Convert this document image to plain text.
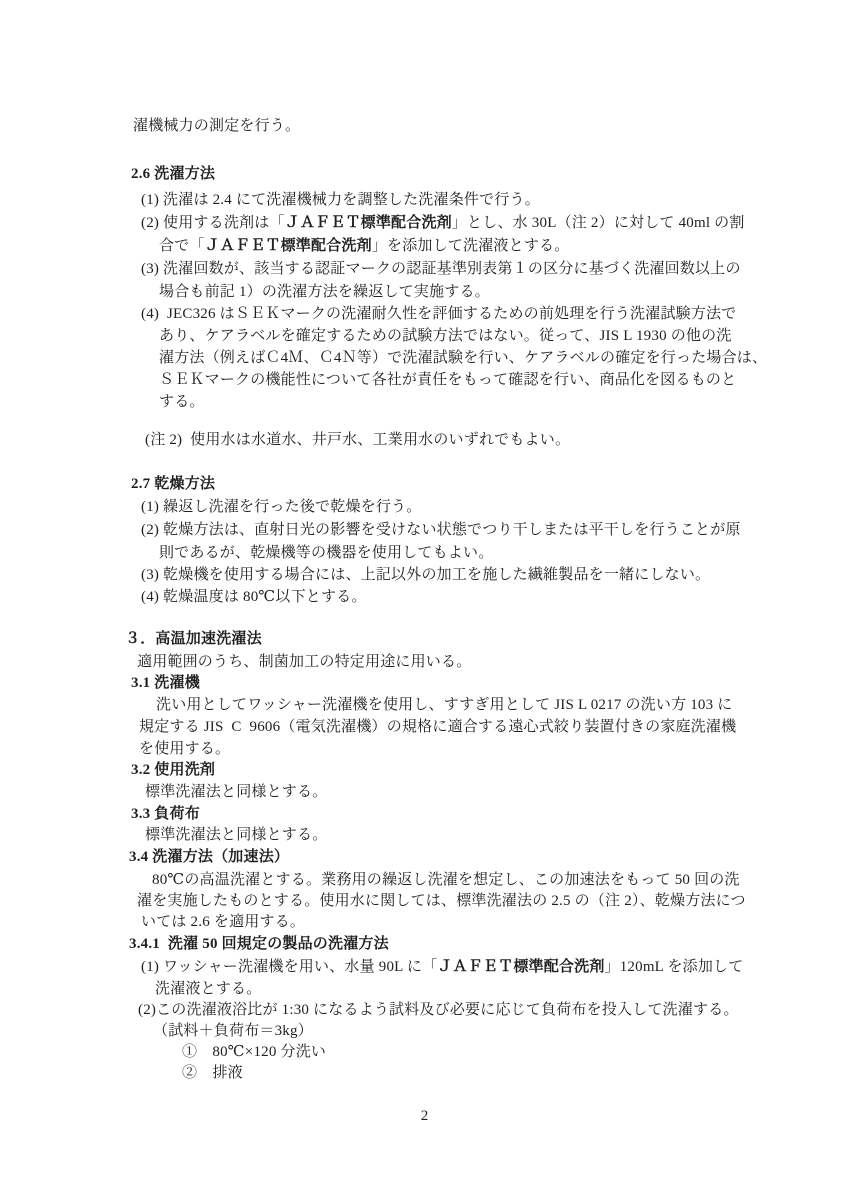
濯機械力の測定を行う。
2.6 洗濯方法
(1) 洗濯は 2.4 にて洗濯機械力を調整した洗濯条件で行う。
(2) 使用する洗剤は「ＪＡＦＥＴ標準配合洗剤」とし、水 30L（注 2）に対して 40ml の割
合で「ＪＡＦＥＴ標準配合洗剤」を添加して洗濯液とする。
(3) 洗濯回数が、該当する認証マークの認証基準別表第１の区分に基づく洗濯回数以上の
場合も前記 1）の洗濯方法を繰返して実施する。
(4)  JEC326 はＳＥＫマークの洗濯耐久性を評価するための前処理を行う洗濯試験方法で
あり、ケアラベルを確定するための試験方法ではない。従って、JIS L 1930 の他の洗
濯方法（例えばＣ4Ｍ、Ｃ4Ｎ等）で洗濯試験を行い、ケアラベルの確定を行った場合は、
ＳＥＫマークの機能性について各社が責任をもって確認を行い、商品化を図るものと
する。
(注 2)  使用水は水道水、井戸水、工業用水のいずれでもよい。
2.7 乾燥方法
(1) 繰返し洗濯を行った後で乾燥を行う。
(2) 乾燥方法は、直射日光の影響を受けない状態でつり干しまたは平干しを行うことが原
則であるが、乾燥機等の機器を使用してもよい。
(3) 乾燥機を使用する場合には、上記以外の加工を施した繊維製品を一緒にしない。
(4) 乾燥温度は 80℃以下とする。
３．高温加速洗濯法
適用範囲のうち、制菌加工の特定用途に用いる。
3.1 洗濯機
洗い用としてワッシャー洗濯機を使用し、すすぎ用として JIS L 0217 の洗い方 103 に
規定する JIS  C  9606（電気洗濯機）の規格に適合する遠心式絞り装置付きの家庭洗濯機
を使用する。
3.2 使用洗剤
標準洗濯法と同様とする。
3.3 負荷布
標準洗濯法と同様とする。
3.4 洗濯方法（加速法）
80℃の高温洗濯とする。業務用の繰返し洗濯を想定し、この加速法をもって 50 回の洗
濯を実施したものとする。使用水に関しては、標準洗濯法の 2.5 の（注 2）、乾燥方法につ
いては 2.6 を適用する。
3.4.1  洗濯 50 回規定の製品の洗濯方法
(1) ワッシャー洗濯機を用い、水量 90L に「ＪＡＦＥＴ標準配合洗剤」120mL を添加して
洗濯液とする。
(2)この洗濯液浴比が 1:30 になるよう試料及び必要に応じて負荷布を投入して洗濯する。
（試料＋負荷布＝3kg）
①　80℃×120 分洗い
②　排液
2
